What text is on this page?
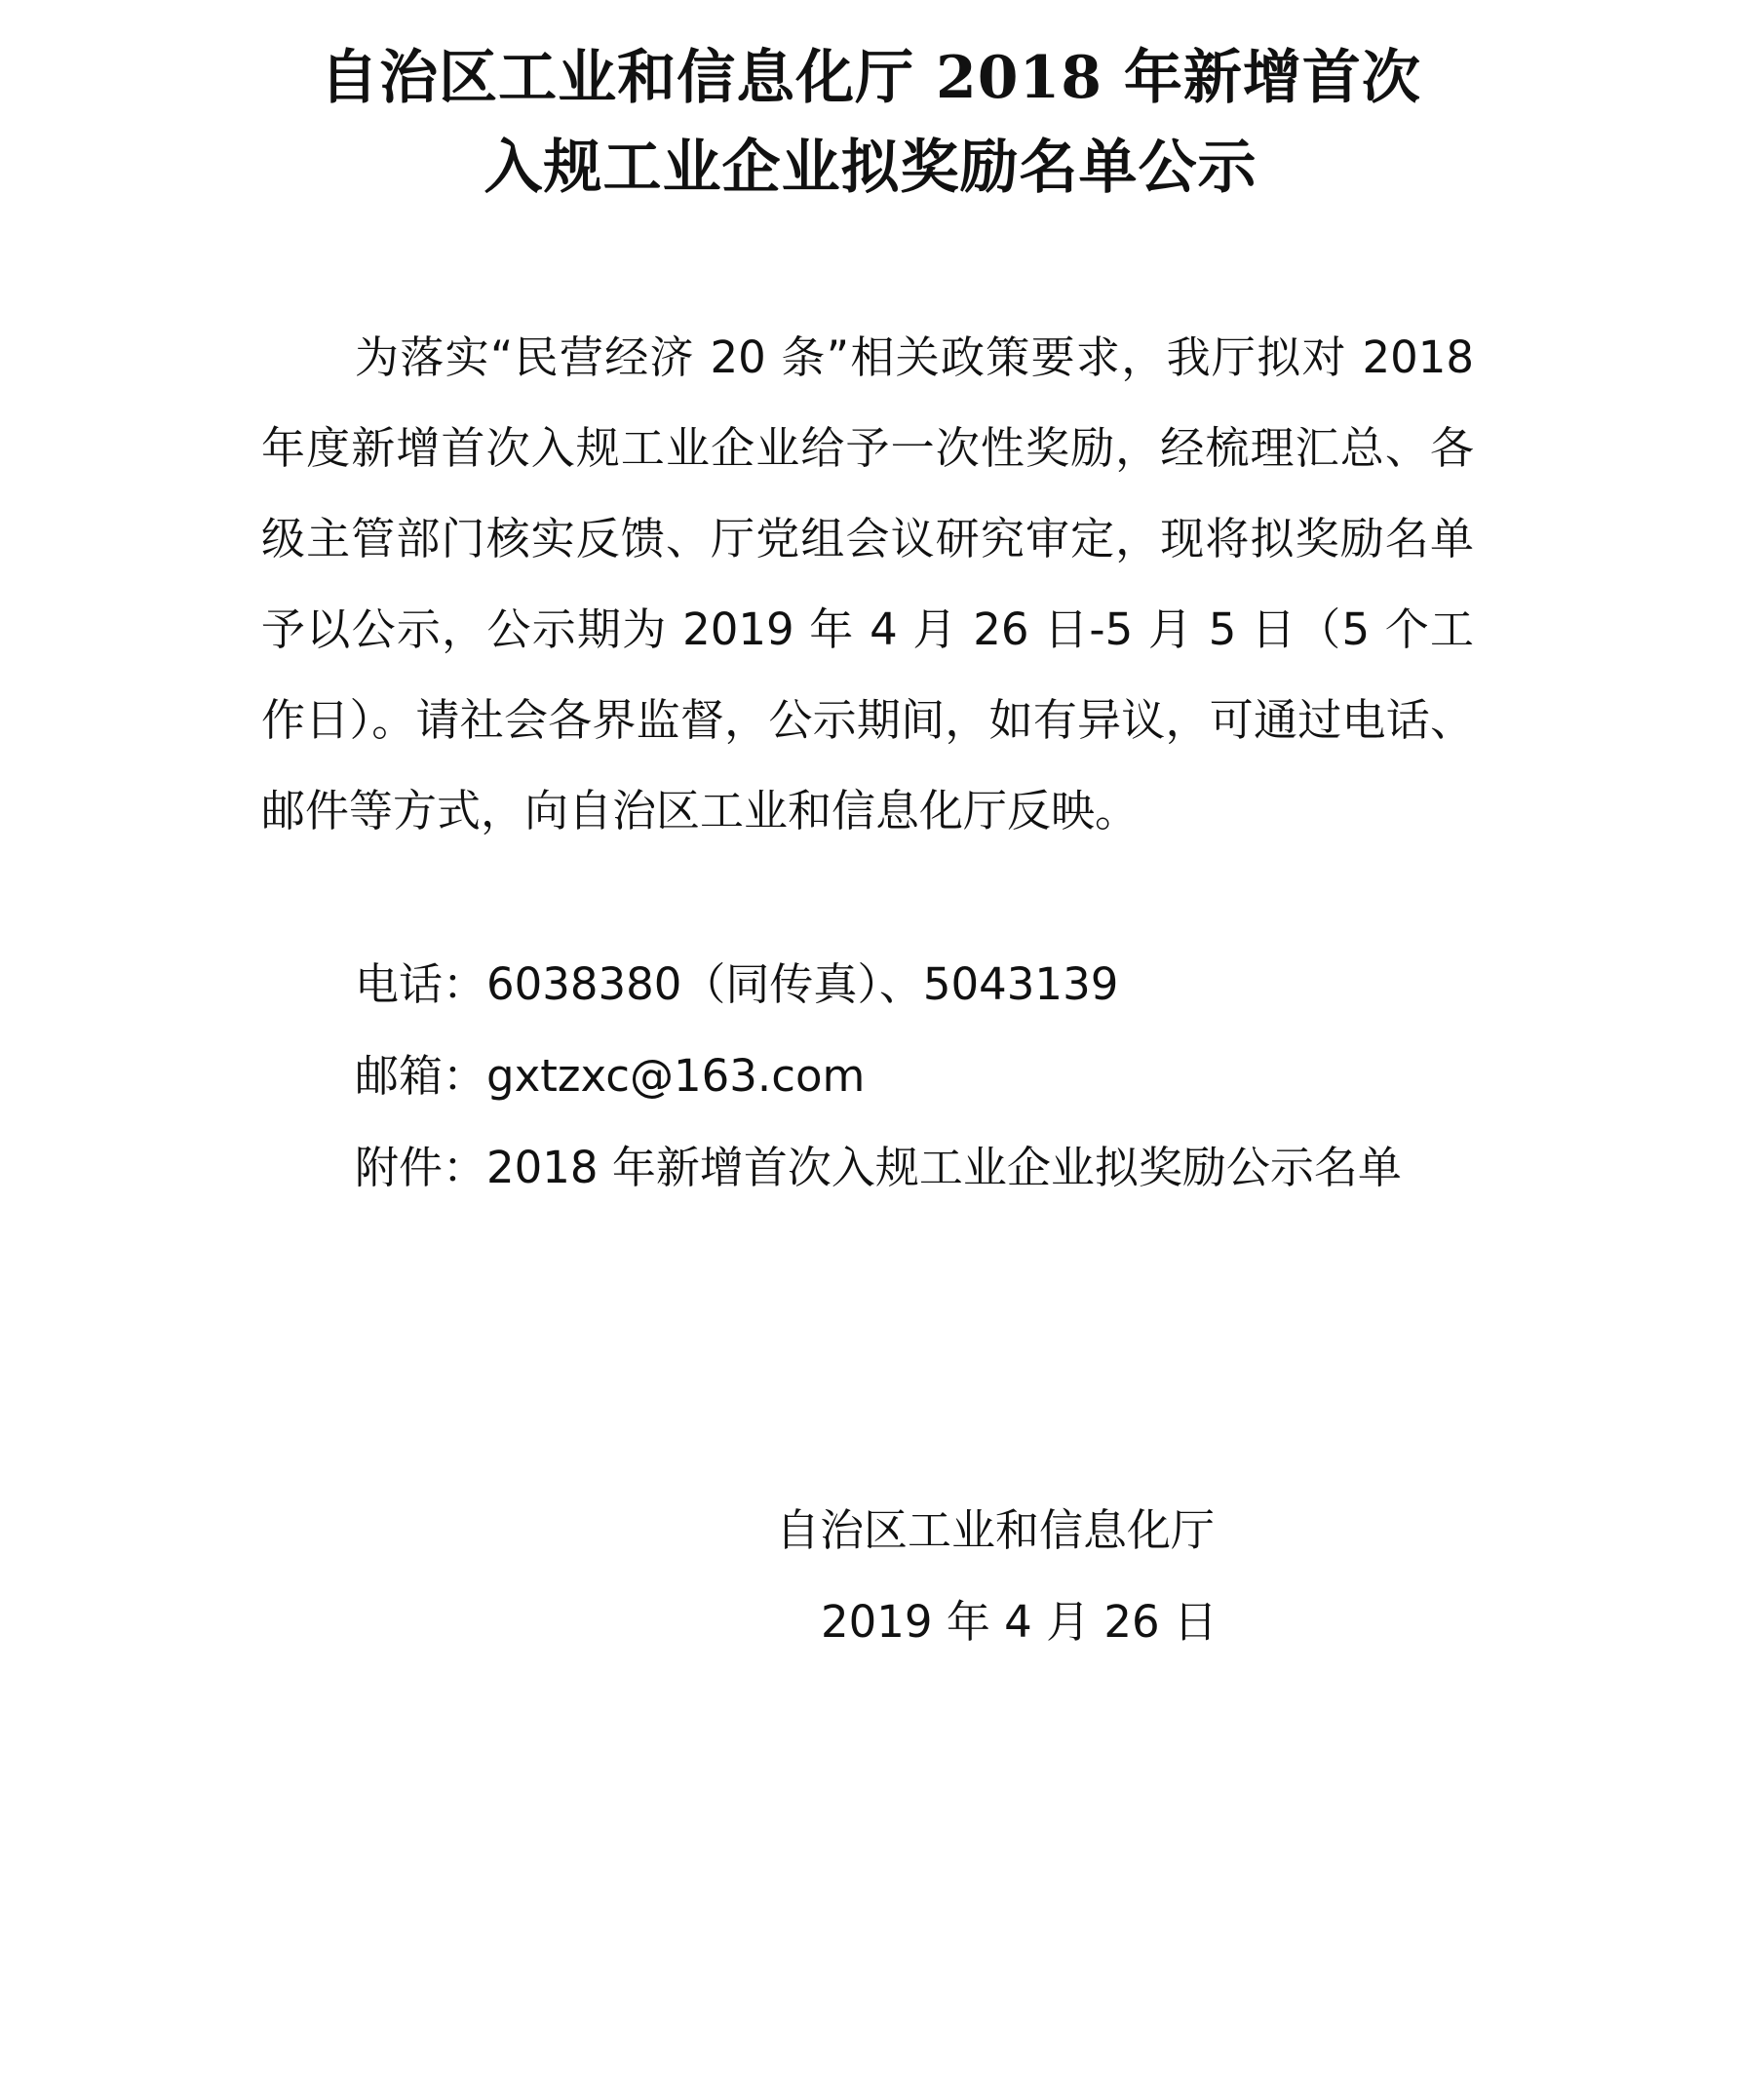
自治区工业和信息化厅 2018 年新增首次
入规工业企业拟奖励名单公示
为落实“民营经济 20 条”相关政策要求，我厅拟对 2018 年度新增首次入规工业企业给予一次性奖励，经梳理汇总、各级主管部门核实反馈、厅党组会议研究审定，现将拟奖励名单予以公示，公示期为 2019 年 4 月 26 日-5 月 5 日（5 个工作日）。请社会各界监督，公示期间，如有异议，可通过电话、邮件等方式，向自治区工业和信息化厅反映。
电话：6038380（同传真）、5043139
邮箱：gxtzxc@163.com
附件：2018 年新增首次入规工业企业拟奖励公示名单
自治区工业和信息化厅
2019 年 4 月 26 日
